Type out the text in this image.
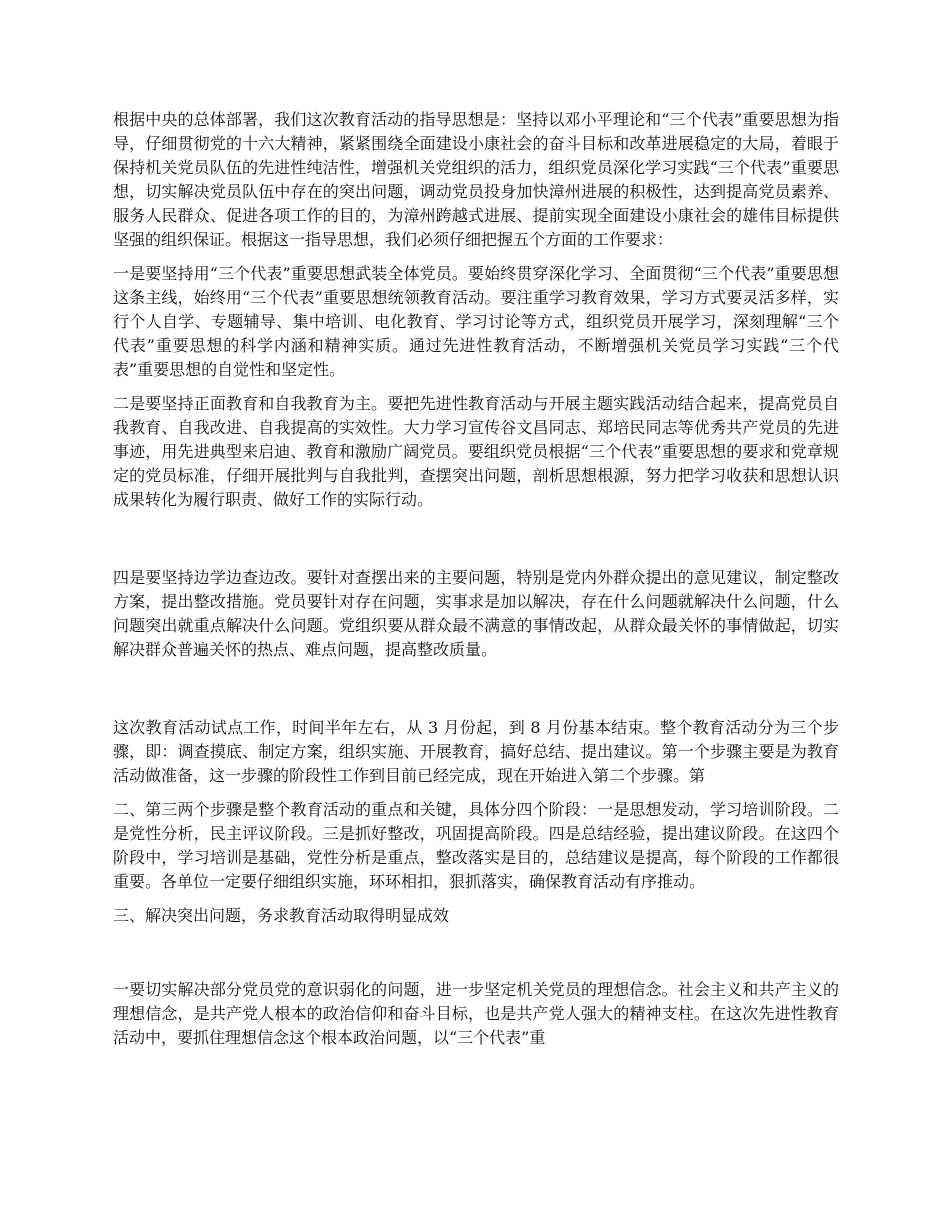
根据中央的总体部署，我们这次教育活动的指导思想是：坚持以邓小平理论和“三个代表”重要思想为指导，仔细贯彻党的十六大精神，紧紧围绕全面建设小康社会的奋斗目标和改革进展稳定的大局，着眼于保持机关党员队伍的先进性纯洁性，增强机关党组织的活力，组织党员深化学习实践“三个代表”重要思想，切实解决党员队伍中存在的突出问题，调动党员投身加快漳州进展的积极性，达到提高党员素养、服务人民群众、促进各项工作的目的，为漳州跨越式进展、提前实现全面建设小康社会的雄伟目标提供坚强的组织保证。根据这一指导思想，我们必须仔细把握五个方面的工作要求：

一是要坚持用“三个代表”重要思想武装全体党员。要始终贯穿深化学习、全面贯彻“三个代表”重要思想这条主线，始终用“三个代表”重要思想统领教育活动。要注重学习教育效果，学习方式要灵活多样，实行个人自学、专题辅导、集中培训、电化教育、学习讨论等方式，组织党员开展学习，深刻理解“三个代表”重要思想的科学内涵和精神实质。通过先进性教育活动，不断增强机关党员学习实践“三个代表”重要思想的自觉性和坚定性。

二是要坚持正面教育和自我教育为主。要把先进性教育活动与开展主题实践活动结合起来，提高党员自我教育、自我改进、自我提高的实效性。大力学习宣传谷文昌同志、郑培民同志等优秀共产党员的先进事迹，用先进典型来启迪、教育和激励广阔党员。要组织党员根据“三个代表”重要思想的要求和党章规定的党员标准，仔细开展批判与自我批判，查摆突出问题，剖析思想根源，努力把学习收获和思想认识成果转化为履行职责、做好工作的实际行动。

四是要坚持边学边查边改。要针对查摆出来的主要问题，特别是党内外群众提出的意见建议，制定整改方案，提出整改措施。党员要针对存在问题，实事求是加以解决，存在什么问题就解决什么问题，什么问题突出就重点解决什么问题。党组织要从群众最不满意的事情改起，从群众最关怀的事情做起，切实解决群众普遍关怀的热点、难点问题，提高整改质量。

这次教育活动试点工作，时间半年左右，从 3 月份起，到 8 月份基本结束。整个教育活动分为三个步骤，即：调查摸底、制定方案，组织实施、开展教育，搞好总结、提出建议。第一个步骤主要是为教育活动做准备，这一步骤的阶段性工作到目前已经完成，现在开始进入第二个步骤。第

二、第三两个步骤是整个教育活动的重点和关键，具体分四个阶段：一是思想发动，学习培训阶段。二是党性分析，民主评议阶段。三是抓好整改，巩固提高阶段。四是总结经验，提出建议阶段。在这四个阶段中，学习培训是基础，党性分析是重点，整改落实是目的，总结建议是提高，每个阶段的工作都很重要。各单位一定要仔细组织实施，环环相扣，狠抓落实，确保教育活动有序推动。

三、解决突出问题，务求教育活动取得明显成效

一要切实解决部分党员党的意识弱化的问题，进一步坚定机关党员的理想信念。社会主义和共产主义的理想信念，是共产党人根本的政治信仰和奋斗目标，也是共产党人强大的精神支柱。在这次先进性教育活动中，要抓住理想信念这个根本政治问题，以“三个代表”重
